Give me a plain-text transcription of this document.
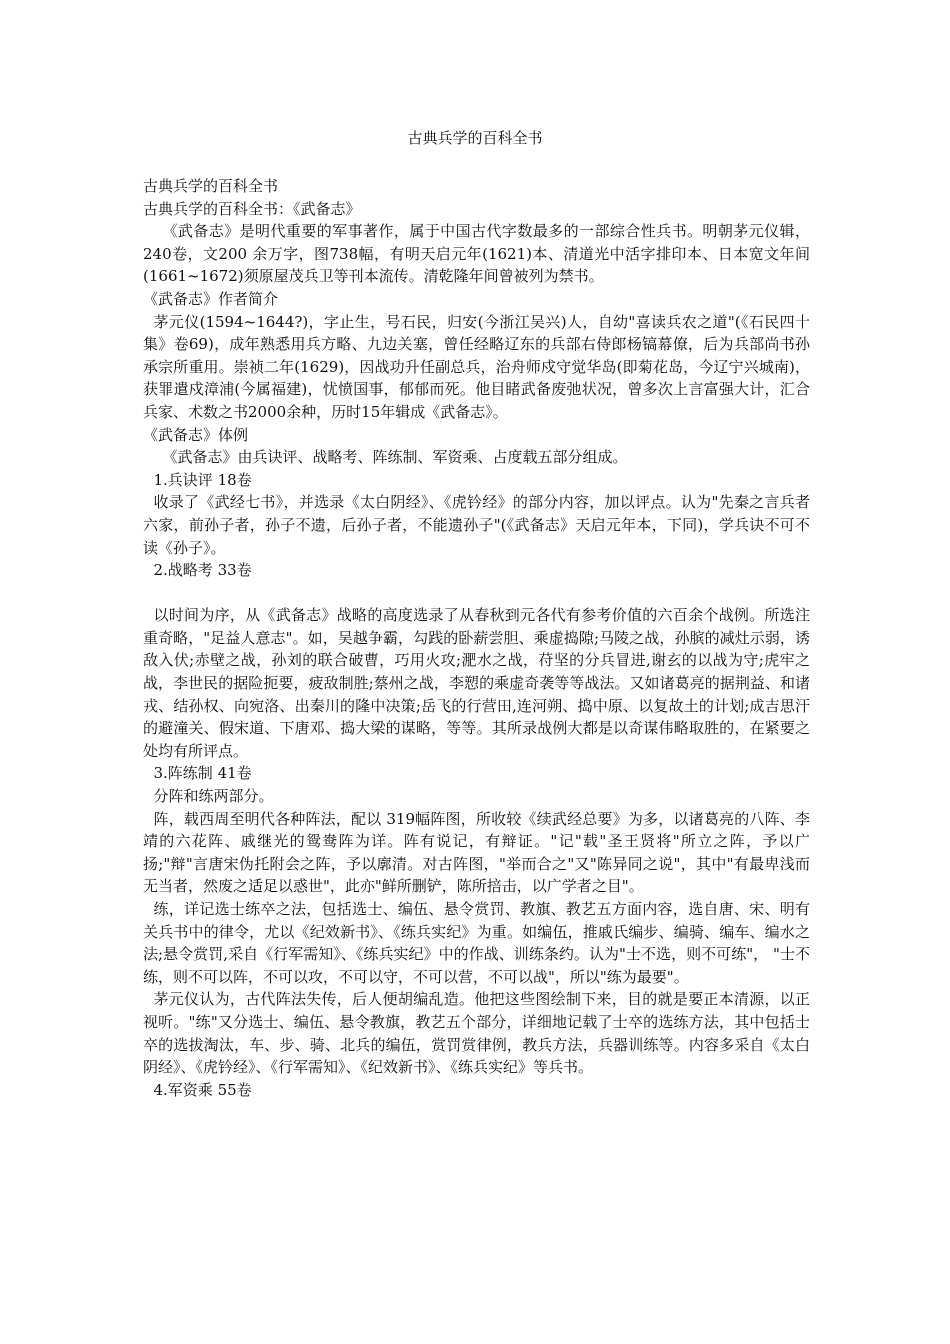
古典兵学的百科全书

古典兵学的百科全书

古典兵学的百科全书：《武备志》

《武备志》是明代重要的军事著作，属于中国古代字数最多的一部综合性兵书。明朝茅元仪辑，240卷，文200 余万字，图738幅，有明天启元年(1621)本、清道光中活字排印本、日本宽文年间(1661~1672)须原屋茂兵卫等刊本流传。清乾隆年间曾被列为禁书。

《武备志》作者简介

茅元仪(1594~1644?)，字止生，号石民，归安(今浙江吴兴)人，自幼"喜读兵农之道"(《石民四十集》卷69)，成年熟悉用兵方略、九边关塞，曾任经略辽东的兵部右侍郎杨镐幕僚，后为兵部尚书孙承宗所重用。崇祯二年(1629)，因战功升任副总兵，治舟师戍守觉华岛(即菊花岛，今辽宁兴城南)，获罪遣戍漳浦(今属福建)，忧愤国事，郁郁而死。他目睹武备废弛状况，曾多次上言富强大计，汇合兵家、术数之书2000余种，历时15年辑成《武备志》。

《武备志》体例

《武备志》由兵诀评、战略考、阵练制、军资乘、占度载五部分组成。

1.兵诀评 18卷

收录了《武经七书》，并选录《太白阴经》、《虎钤经》的部分内容，加以评点。认为"先秦之言兵者六家，前孙子者，孙子不遗，后孙子者，不能遗孙子"(《武备志》天启元年本，下同)，学兵诀不可不读《孙子》。

2.战略考 33卷

以时间为序，从《武备志》战略的高度选录了从春秋到元各代有参考价值的六百余个战例。所选注重奇略，"足益人意志"。如，吴越争霸，勾践的卧薪尝胆、乘虚捣隙;马陵之战，孙膑的减灶示弱，诱敌入伏;赤壁之战，孙刘的联合破曹，巧用火攻;淝水之战，苻坚的分兵冒进,谢玄的以战为守;虎牢之战，李世民的据险扼要，疲敌制胜;蔡州之战，李愬的乘虚奇袭等等战法。又如诸葛亮的据荆益、和诸戎、结孙权、向宛洛、出秦川的隆中决策;岳飞的行营田,连河朔、捣中原、以复故土的计划;成吉思汗的避潼关、假宋道、下唐邓、捣大梁的谋略，等等。其所录战例大都是以奇谋伟略取胜的，在紧要之处均有所评点。

3.阵练制 41卷

分阵和练两部分。

阵，载西周至明代各种阵法，配以 319幅阵图，所收较《续武经总要》为多，以诸葛亮的八阵、李靖的六花阵、戚继光的鸳鸯阵为详。阵有说记，有辩证。"记"载"圣王贤将"所立之阵，予以广扬;"辩"言唐宋伪托附会之阵，予以廓清。对古阵图，"举而合之"又"陈异同之说"，其中"有最卑浅而无当者，然废之适足以惑世"，此亦"鲜所删铲，陈所掊击，以广学者之目"。

练，详记选士练卒之法，包括选士、编伍、悬令赏罚、教旗、教艺五方面内容，选自唐、宋、明有关兵书中的律令，尤以《纪效新书》、《练兵实纪》为重。如编伍，推戚氏编步、编骑、编车、编水之法;悬令赏罚,采自《行军需知》、《练兵实纪》中的作战、训练条约。认为"士不选，则不可练"， "士不练，则不可以阵，不可以攻，不可以守，不可以营，不可以战"，所以"练为最要"。

茅元仪认为，古代阵法失传，后人便胡编乱造。他把这些图绘制下来，目的就是要正本清源，以正视听。"练"又分选士、编伍、悬令教旗，教艺五个部分，详细地记载了士卒的选练方法，其中包括士卒的选拔淘汰，车、步、骑、北兵的编伍，赏罚赏律例，教兵方法，兵器训练等。内容多采自《太白阴经》、《虎钤经》、《行军需知》、《纪效新书》、《练兵实纪》等兵书。

4.军资乘 55卷
